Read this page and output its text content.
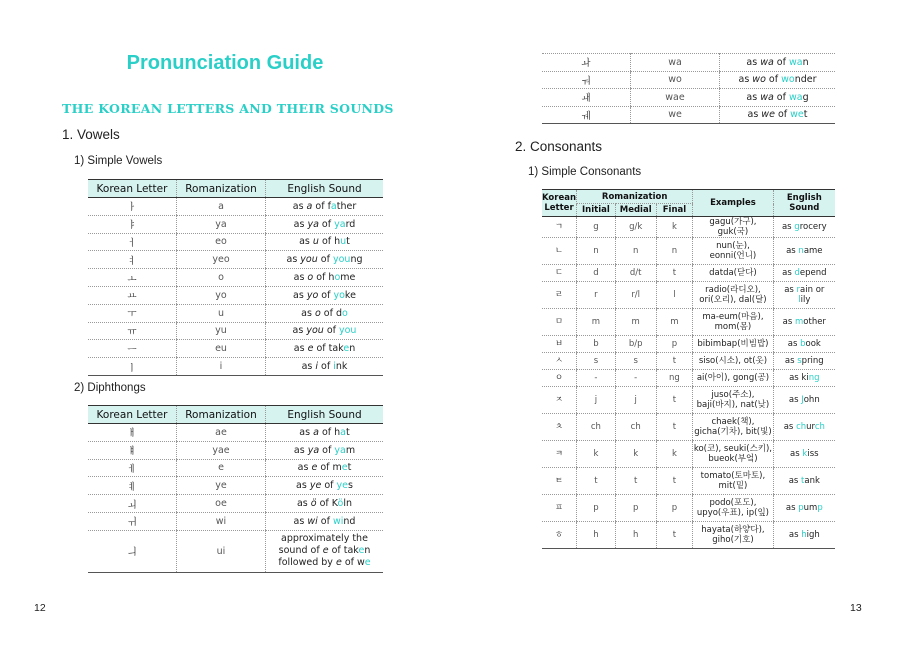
Pronunciation Guide
THE KOREAN LETTERS AND THEIR SOUNDS
1. Vowels
1) Simple Vowels
Korean Letter	Romanization	English Sound
ㅏ	a	as a of father
ㅑ	ya	as ya of yard
ㅓ	eo	as u of hut
ㅕ	yeo	as you of young
ㅗ	o	as o of home
ㅛ	yo	as yo of yoke
ㅜ	u	as o of do
ㅠ	yu	as you of you
ㅡ	eu	as e of taken
ㅣ	i	as i of ink
2) Diphthongs
Korean Letter	Romanization	English Sound
ㅐ	ae	as a of hat
ㅒ	yae	as ya of yam
ㅔ	e	as e of met
ㅖ	ye	as ye of yes
ㅚ	oe	as ö of Köln
ㅟ	wi	as wi of wind
ㅢ	ui	approximately the
sound of e of taken
followed by e of we
12
ㅘ	wa	as wa of wan
ㅝ	wo	as wo of wonder
ㅙ	wae	as wa of wag
ㅞ	we	as we of wet
2. Consonants
1) Simple Consonants
Korean
Letter	Romanization			Examples	English
Sound
	Initial	Medial	Final		
ㄱ	g	g/k	k	gagu(가구), guk(국)	as grocery
ㄴ	n	n	n	nun(눈),
eonni(언니)	as name
ㄷ	d	d/t	t	datda(닫다)	as depend
ㄹ	r	r/l	l	radio(라디오),
ori(오리), dal(달)	as rain or
lily
ㅁ	m	m	m	ma-eum(마음),
mom(몸)	as mother
ㅂ	b	b/p	p	bibimbap(비빔밥)	as book
ㅅ	s	s	t	siso(시소), ot(옷)	as spring
ㅇ	-	-	ng	ai(아이), gong(공)	as king
ㅈ	j	j	t	juso(주소),
baji(바지), nat(낮)	as John
ㅊ	ch	ch	t	chaek(책),
gicha(기차), bit(빛)	as church
ㅋ	k	k	k	ko(코), seuki(스키),
bueok(부엌)	as kiss
ㅌ	t	t	t	tomato(토마토),
mit(밑)	as tank
ㅍ	p	p	p	podo(포도),
upyo(우표), ip(잎)	as pump
ㅎ	h	h	t	hayata(하얗다),
giho(기호)	as high
13
